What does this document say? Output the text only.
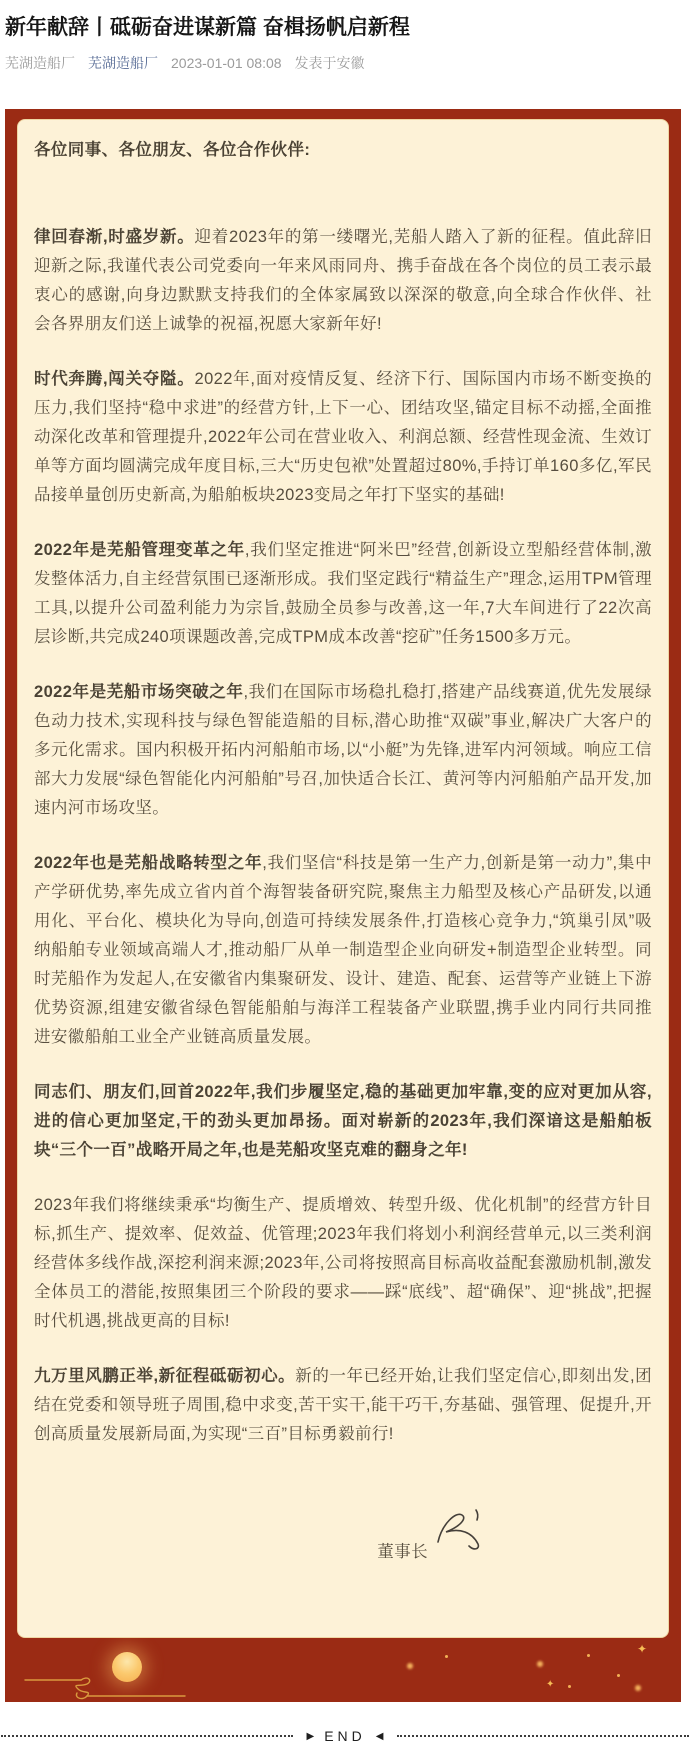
新年献辞丨砥砺奋进谋新篇 奋楫扬帆启新程
芜湖造船厂 芜湖造船厂 2023-01-01 08:08 发表于安徽

各位同事、各位朋友、各位合作伙伴:

律回春渐,时盛岁新。迎着2023年的第一缕曙光,芜船人踏入了新的征程。值此辞旧迎新之际,我谨代表公司党委向一年来风雨同舟、携手奋战在各个岗位的员工表示最衷心的感谢,向身边默默支持我们的全体家属致以深深的敬意,向全球合作伙伴、社会各界朋友们送上诚挚的祝福,祝愿大家新年好!

时代奔腾,闯关夺隘。2022年,面对疫情反复、经济下行、国际国内市场不断变换的压力,我们坚持“稳中求进”的经营方针,上下一心、团结攻坚,锚定目标不动摇,全面推动深化改革和管理提升,2022年公司在营业收入、利润总额、经营性现金流、生效订单等方面均圆满完成年度目标,三大“历史包袱”处置超过80%,手持订单160多亿,军民品接单量创历史新高,为船舶板块2023变局之年打下坚实的基础!

2022年是芜船管理变革之年,我们坚定推进“阿米巴”经营,创新设立型船经营体制,激发整体活力,自主经营氛围已逐渐形成。我们坚定践行“精益生产”理念,运用TPM管理工具,以提升公司盈利能力为宗旨,鼓励全员参与改善,这一年,7大车间进行了22次高层诊断,共完成240项课题改善,完成TPM成本改善“挖矿”任务1500多万元。

2022年是芜船市场突破之年,我们在国际市场稳扎稳打,搭建产品线赛道,优先发展绿色动力技术,实现科技与绿色智能造船的目标,潜心助推“双碳”事业,解决广大客户的多元化需求。国内积极开拓内河船舶市场,以“小艇”为先锋,进军内河领域。响应工信部大力发展“绿色智能化内河船舶”号召,加快适合长江、黄河等内河船舶产品开发,加速内河市场攻坚。

2022年也是芜船战略转型之年,我们坚信“科技是第一生产力,创新是第一动力”,集中产学研优势,率先成立省内首个海智装备研究院,聚焦主力船型及核心产品研发,以通用化、平台化、模块化为导向,创造可持续发展条件,打造核心竞争力,“筑巢引凤”吸纳船舶专业领域高端人才,推动船厂从单一制造型企业向研发+制造型企业转型。同时芜船作为发起人,在安徽省内集聚研发、设计、建造、配套、运营等产业链上下游优势资源,组建安徽省绿色智能船舶与海洋工程装备产业联盟,携手业内同行共同推进安徽船舶工业全产业链高质量发展。

同志们、朋友们,回首2022年,我们步履坚定,稳的基础更加牢靠,变的应对更加从容,进的信心更加坚定,干的劲头更加昂扬。面对崭新的2023年,我们深谙这是船舶板块“三个一百”战略开局之年,也是芜船攻坚克难的翻身之年!

2023年我们将继续秉承“均衡生产、提质增效、转型升级、优化机制”的经营方针目标,抓生产、提效率、促效益、优管理;2023年我们将划小利润经营单元,以三类利润经营体多线作战,深挖利润来源;2023年,公司将按照高目标高收益配套激励机制,激发全体员工的潜能,按照集团三个阶段的要求——踩“底线”、超“确保”、迎“挑战”,把握时代机遇,挑战更高的目标!

九万里风鹏正举,新征程砥砺初心。新的一年已经开始,让我们坚定信心,即刻出发,团结在党委和领导班子周围,稳中求变,苦干实干,能干巧干,夯基础、强管理、促提升,开创高质量发展新局面,为实现“三百”目标勇毅前行!

董事长
✦
✦
▶ END ◀
